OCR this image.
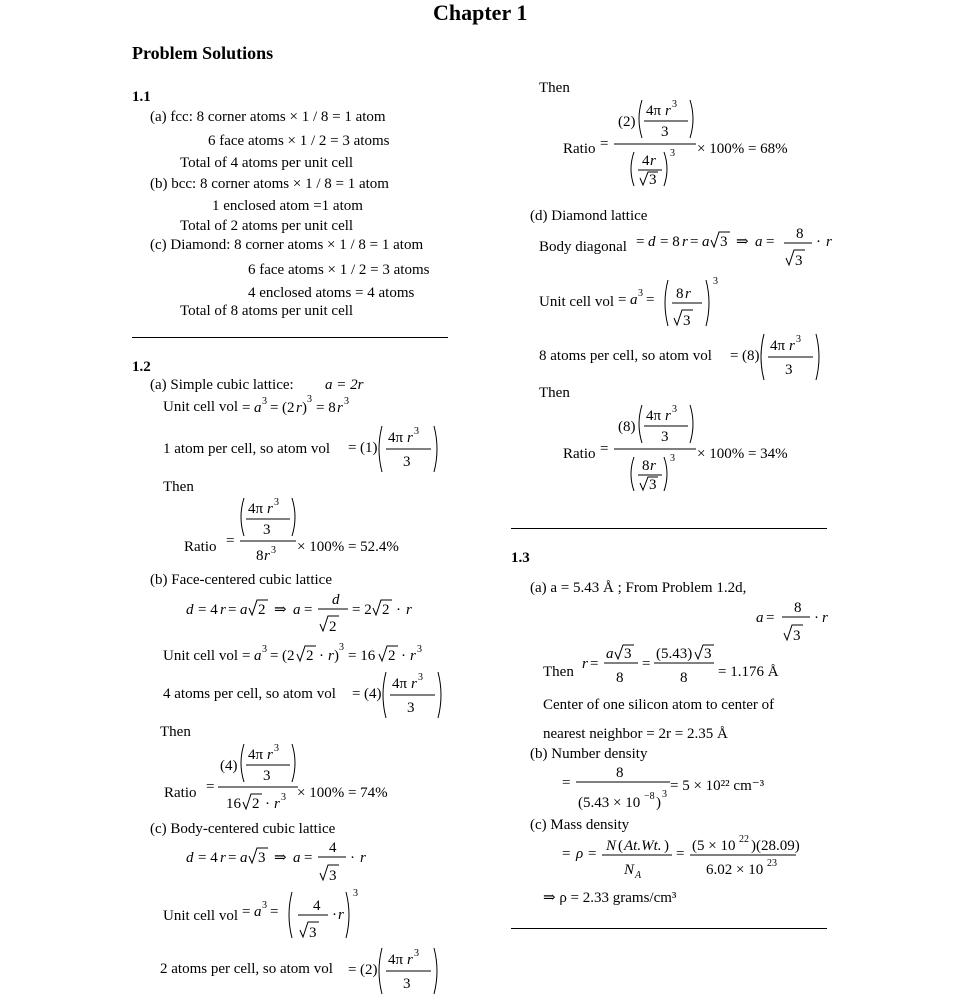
Chapter 1
Problem Solutions
1.1
(a) fcc: 8 corner atoms × 1 / 8 = 1 atom
6 face atoms × 1 / 2 = 3 atoms
Total of 4 atoms per unit cell
(b) bcc: 8 corner atoms × 1 / 8 = 1 atom
1 enclosed atom =1 atom
Total of 2 atoms per unit cell
(c) Diamond: 8 corner atoms × 1 / 8 = 1 atom
6 face atoms × 1 / 2 = 3 atoms
4 enclosed atoms = 4 atoms
Total of 8 atoms per unit cell
1.2
(a) Simple cubic lattice: a = 2r
Unit cell vol = a 3 = (2 r )
3
= 8 r 3
1 atom per cell, so atom vol = (1)
4π r 3
3
Then
Ratio =
4π r 3
3
8 r 3 × 100% = 52.4%
(b) Face-centered cubic lattice
d = 4 r = a 2 ⇒ a =
d
2
= 2 2 · r
Unit cell vol = a 3 = (2 2 · r )
3
= 16 2 · r 3
4 atoms per cell, so atom vol = (4)
4π r 3
3
Then
Ratio =
(4)
4π r 3
3
16 2 · r 3 × 100% = 74%
(c) Body-centered cubic lattice
d = 4 r = a 3 ⇒ a =
4
3
· r
Unit cell vol = a 3 = 4
3
· r
3
2 atoms per cell, so atom vol = (2)
4π r 3
3
Then
Ratio =
(2)
4π r 3
3
4 r
3
3 × 100% = 68%
(d) Diamond lattice
Body diagonal = d = 8 r = a 3 ⇒ a = 8
3
· r
Unit cell vol = a 3 = 8 r
3
3
8 atoms per cell, so atom vol = (8)
4π r 3
3
Then
Ratio =
(8)
4π r 3
3
8 r
3
3 × 100% = 34%
1.3
(a) a = 5.43 Å ; From Problem 1.2d,
a =
8
3
· r
Then r =
a 3
8
=
(5.43) 3
8 = 1.176 Å
Center of one silicon atom to center of
nearest neighbor = 2r = 2.35 Å
(b) Number density
=
8
(5.43 × 10 −8 )
3
= 5 × 10²² cm⁻³
(c) Mass density
= ρ = N ( At.Wt. )
N A
= (5 × 10 22 )(28.09)
6.02 × 10 23
⇒ ρ = 2.33 grams/cm³
